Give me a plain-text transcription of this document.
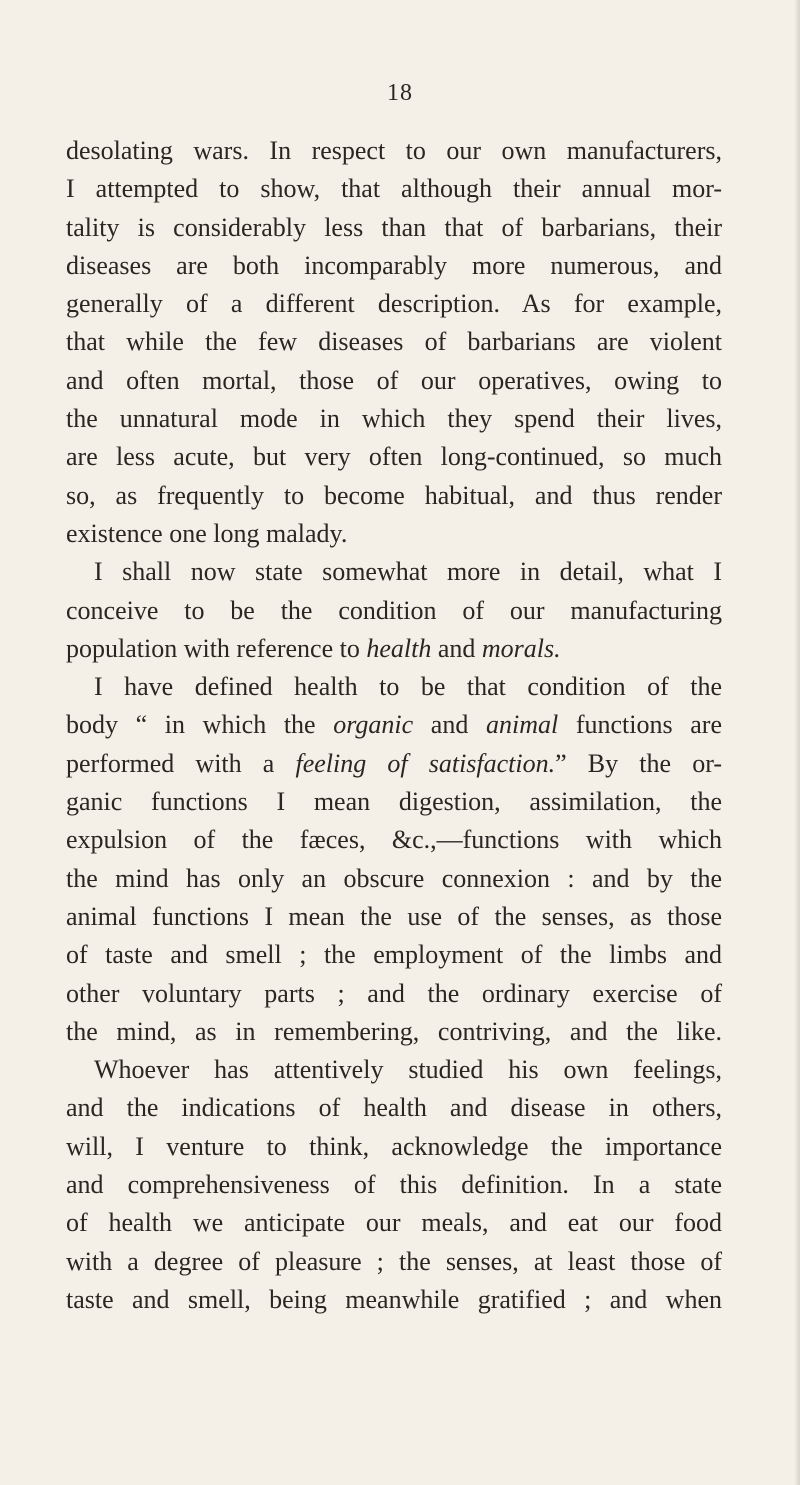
18
desolating wars. In respect to our own manufacturers,
I attempted to show, that although their annual mor-
tality is considerably less than that of barbarians, their
diseases are both incomparably more numerous, and
generally of a different description. As for example,
that while the few diseases of barbarians are violent
and often mortal, those of our operatives, owing to
the unnatural mode in which they spend their lives,
are less acute, but very often long-continued, so much
so, as frequently to become habitual, and thus render
existence one long malady.
I shall now state somewhat more in detail, what I
conceive to be the condition of our manufacturing
population with reference to health and morals.
I have defined health to be that condition of the
body “ in which the organic and animal functions are
performed with a feeling of satisfaction.” By the or-
ganic functions I mean digestion, assimilation, the
expulsion of the fæces, &c.,—functions with which
the mind has only an obscure connexion : and by the
animal functions I mean the use of the senses, as those
of taste and smell ; the employment of the limbs and
other voluntary parts ; and the ordinary exercise of
the mind, as in remembering, contriving, and the like.
Whoever has attentively studied his own feelings,
and the indications of health and disease in others,
will, I venture to think, acknowledge the importance
and comprehensiveness of this definition. In a state
of health we anticipate our meals, and eat our food
with a degree of pleasure ; the senses, at least those of
taste and smell, being meanwhile gratified ; and when
